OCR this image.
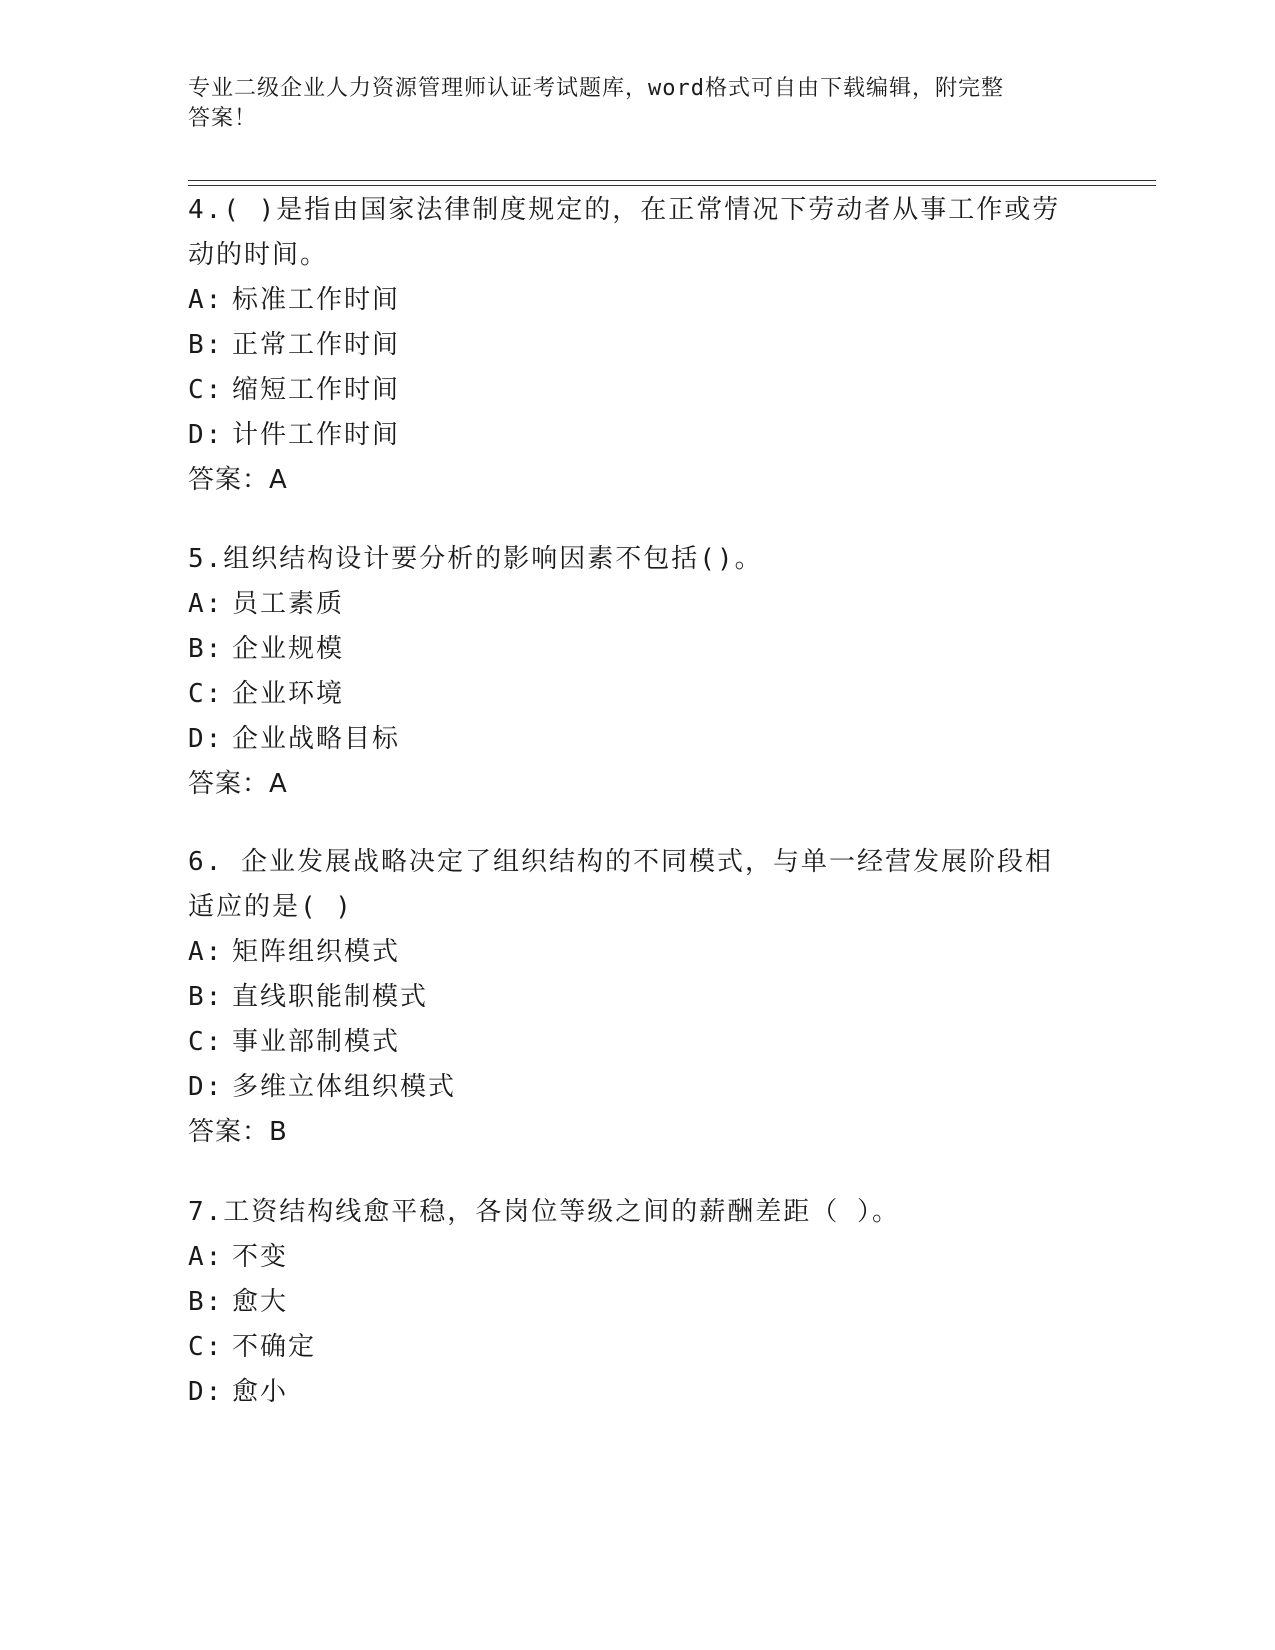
专业二级企业人力资源管理师认证考试题库，word格式可自由下载编辑，附完整
答案！

4.( )是指由国家法律制度规定的，在正常情况下劳动者从事工作或劳

动的时间。

A: 标准工作时间

B: 正常工作时间

C: 缩短工作时间

D: 计件工作时间

答案：A

5.组织结构设计要分析的影响因素不包括()。

A: 员工素质

B: 企业规模

C: 企业环境

D: 企业战略目标

答案：A

6. 企业发展战略决定了组织结构的不同模式，与单一经营发展阶段相

适应的是( )

A: 矩阵组织模式

B: 直线职能制模式

C: 事业部制模式

D: 多维立体组织模式

答案：B

7.工资结构线愈平稳，各岗位等级之间的薪酬差距（ ）。

A: 不变

B: 愈大

C: 不确定

D: 愈小
